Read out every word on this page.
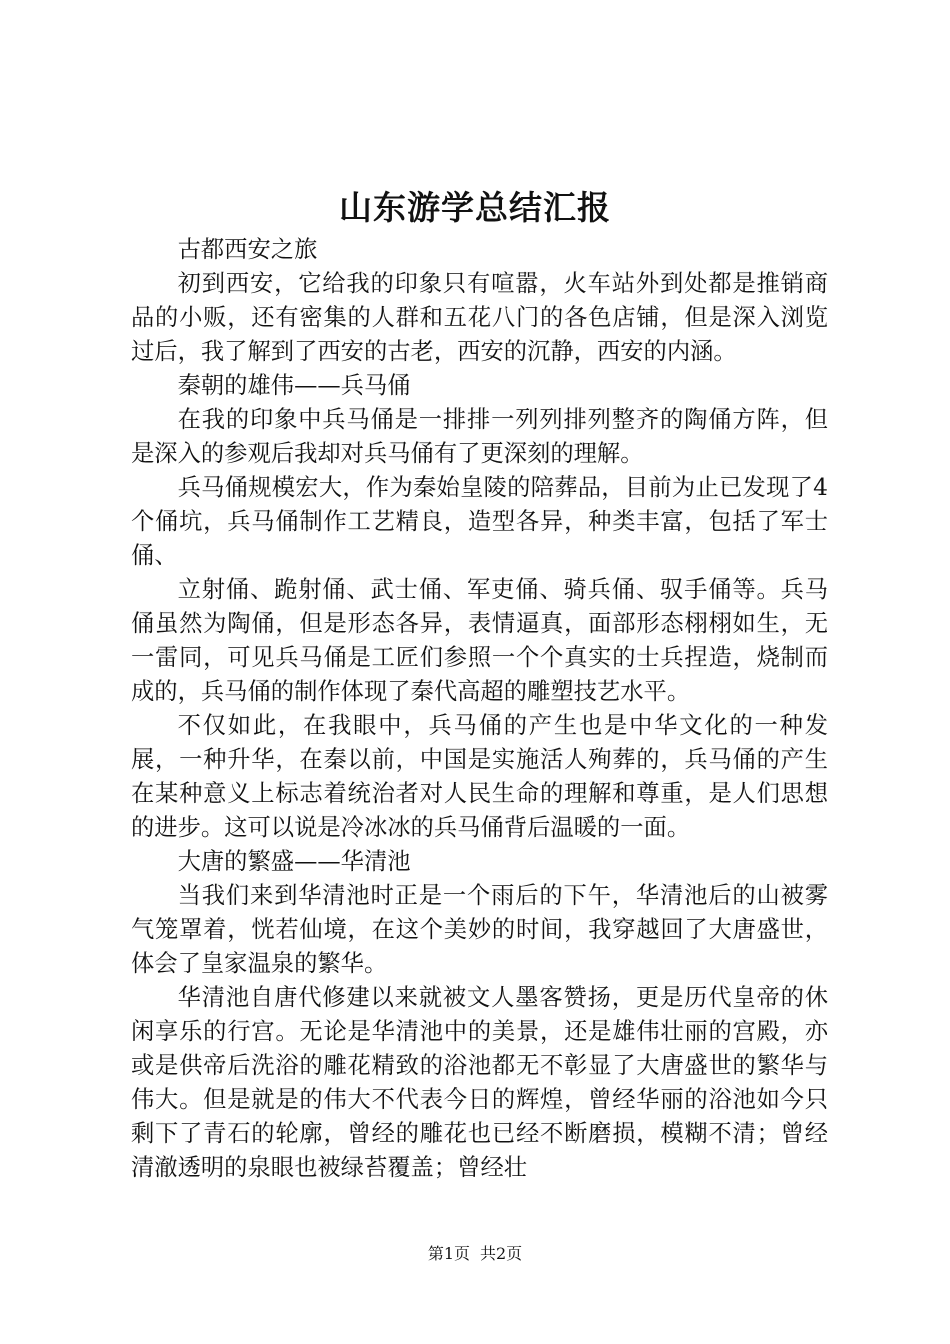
山东游学总结汇报

古都西安之旅

初到西安，它给我的印象只有喧嚣，火车站外到处都是推销商品的小贩，还有密集的人群和五花八门的各色店铺，但是深入浏览过后，我了解到了西安的古老，西安的沉静，西安的内涵。

秦朝的雄伟——兵马俑

在我的印象中兵马俑是一排排一列列排列整齐的陶俑方阵，但是深入的参观后我却对兵马俑有了更深刻的理解。

兵马俑规模宏大，作为秦始皇陵的陪葬品，目前为止已发现了4个俑坑，兵马俑制作工艺精良，造型各异，种类丰富，包括了军士俑、

立射俑、跪射俑、武士俑、军吏俑、骑兵俑、驭手俑等。兵马俑虽然为陶俑，但是形态各异，表情逼真，面部形态栩栩如生，无一雷同，可见兵马俑是工匠们参照一个个真实的士兵捏造，烧制而成的，兵马俑的制作体现了秦代高超的雕塑技艺水平。

不仅如此，在我眼中，兵马俑的产生也是中华文化的一种发展，一种升华，在秦以前，中国是实施活人殉葬的，兵马俑的产生在某种意义上标志着统治者对人民生命的理解和尊重，是人们思想的进步。这可以说是冷冰冰的兵马俑背后温暖的一面。

大唐的繁盛——华清池

当我们来到华清池时正是一个雨后的下午，华清池后的山被雾气笼罩着，恍若仙境，在这个美妙的时间，我穿越回了大唐盛世，体会了皇家温泉的繁华。

华清池自唐代修建以来就被文人墨客赞扬，更是历代皇帝的休闲享乐的行宫。无论是华清池中的美景，还是雄伟壮丽的宫殿，亦或是供帝后洗浴的雕花精致的浴池都无不彰显了大唐盛世的繁华与伟大。但是就是的伟大不代表今日的辉煌，曾经华丽的浴池如今只剩下了青石的轮廓，曾经的雕花也已经不断磨损，模糊不清；曾经清澈透明的泉眼也被绿苔覆盖；曾经壮

第1页 共2页
